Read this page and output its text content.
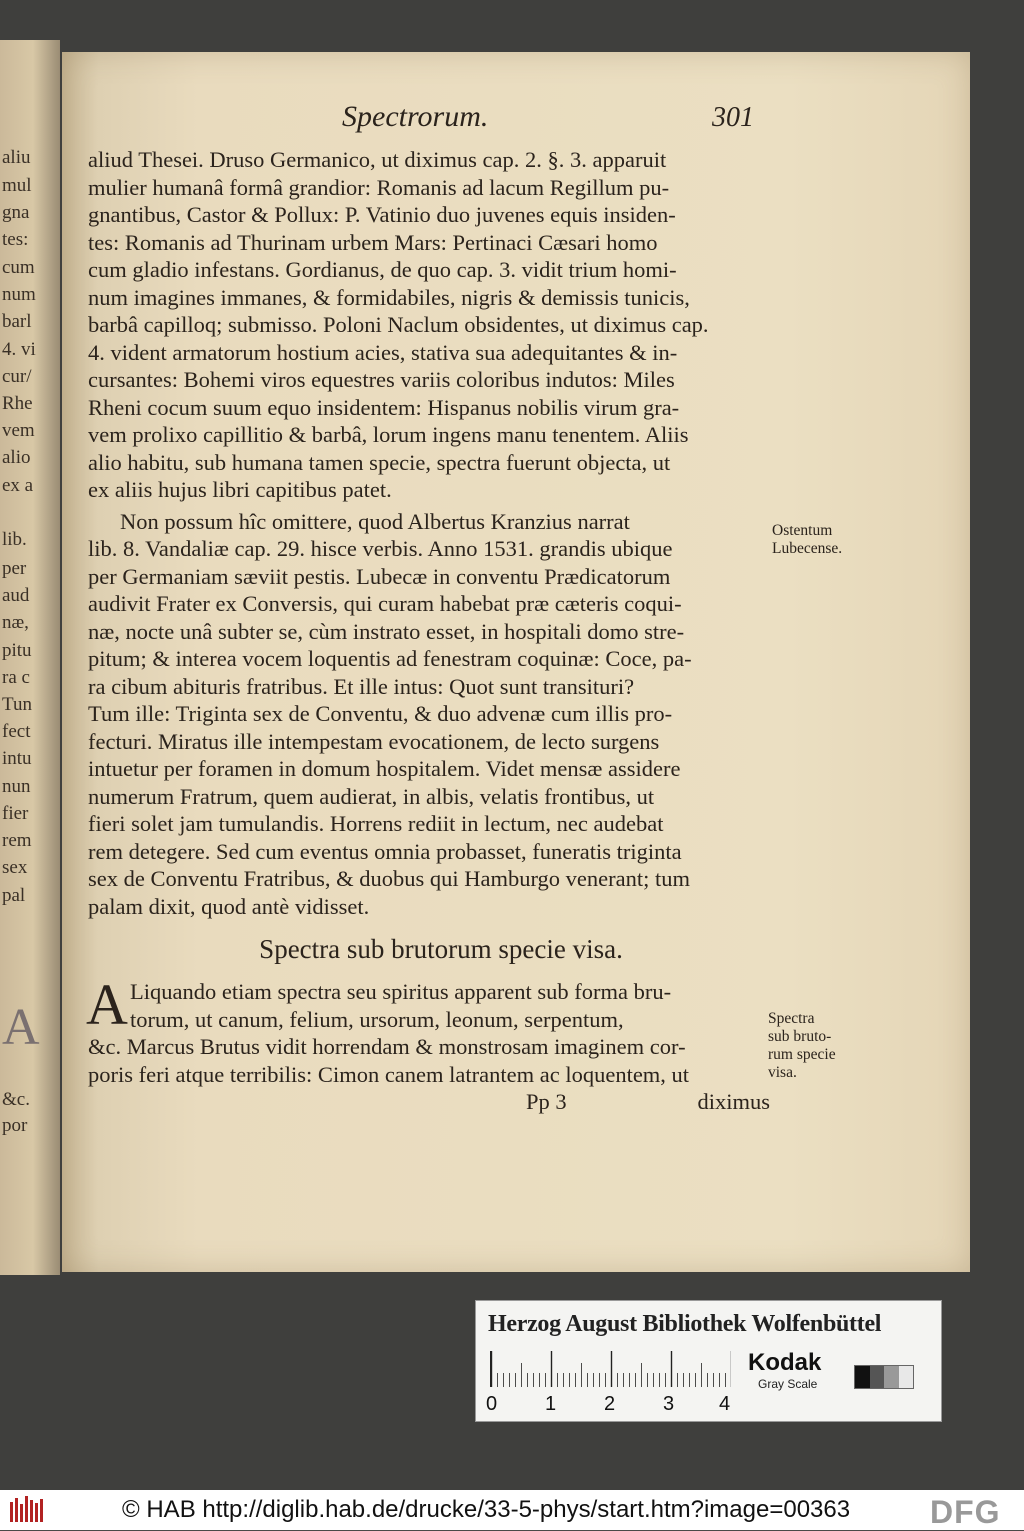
aliu
mul
gna
tes:
cum
num
barl
4. vi
cur/
Rhe
vem
alio
ex a
lib.
per
aud
næ,
pitu
ra c
Tun
fect
intu
nun
fier
rem
sex
pal
A
&c.
por
Spectrorum.	301
aliud Thesei. Druso Germanico, ut diximus cap. 2. §. 3. apparuit
mulier humanâ formâ grandior: Romanis ad lacum Regillum pu-
gnantibus, Castor & Pollux: P. Vatinio duo juvenes equis insiden-
tes: Romanis ad Thurinam urbem Mars: Pertinaci Cæsari homo
cum gladio infestans. Gordianus, de quo cap. 3. vidit trium homi-
num imagines immanes, & formidabiles, nigris & demissis tunicis,
barbâ capilloq; submisso. Poloni Naclum obsidentes, ut diximus cap.
4. vident armatorum hostium acies, stativa sua adequitantes & in-
cursantes: Bohemi viros equestres variis coloribus indutos: Miles
Rheni cocum suum equo insidentem: Hispanus nobilis virum gra-
vem prolixo capillitio & barbâ, lorum ingens manu tenentem. Aliis
alio habitu, sub humana tamen specie, spectra fuerunt objecta, ut
ex aliis hujus libri capitibus patet.
Non possum hîc omittere, quod Albertus Kranzius narrat
lib. 8. Vandaliæ cap. 29. hisce verbis. Anno 1531. grandis ubique
per Germaniam sæviit pestis. Lubecæ in conventu Prædicatorum
audivit Frater ex Conversis, qui curam habebat præ cæteris coqui-
næ, nocte unâ subter se, cùm instrato esset, in hospitali domo stre-
pitum; & interea vocem loquentis ad fenestram coquinæ: Coce, pa-
ra cibum abituris fratribus. Et ille intus: Quot sunt transituri?
Tum ille: Triginta sex de Conventu, & duo advenæ cum illis pro-
fecturi. Miratus ille intempestam evocationem, de lecto surgens
intuetur per foramen in domum hospitalem. Videt mensæ assidere
numerum Fratrum, quem audierat, in albis, velatis frontibus, ut
fieri solet jam tumulandis. Horrens rediit in lectum, nec audebat
rem detegere. Sed cum eventus omnia probasset, funeratis triginta
sex de Conventu Fratribus, & duobus qui Hamburgo venerant; tum
palam dixit, quod antè vidisset.
Spectra sub brutorum specie visa.
Liquando etiam spectra seu spiritus apparent sub forma bru-
A torum, ut canum, felium, ursorum, leonum, serpentum,
&c. Marcus Brutus vidit horrendam & monstrosam imaginem cor-
poris feri atque terribilis: Cimon canem latrantem ac loquentem, ut
Pp 3	diximus
Ostentum
Lubecense.
Spectra
sub bruto-
rum specie
visa.
Herzog August Bibliothek Wolfenbüttel
0 1 2 3 4
Kodak
Gray Scale
© HAB http://diglib.hab.de/drucke/33-5-phys/start.htm?image=00363 DFG
